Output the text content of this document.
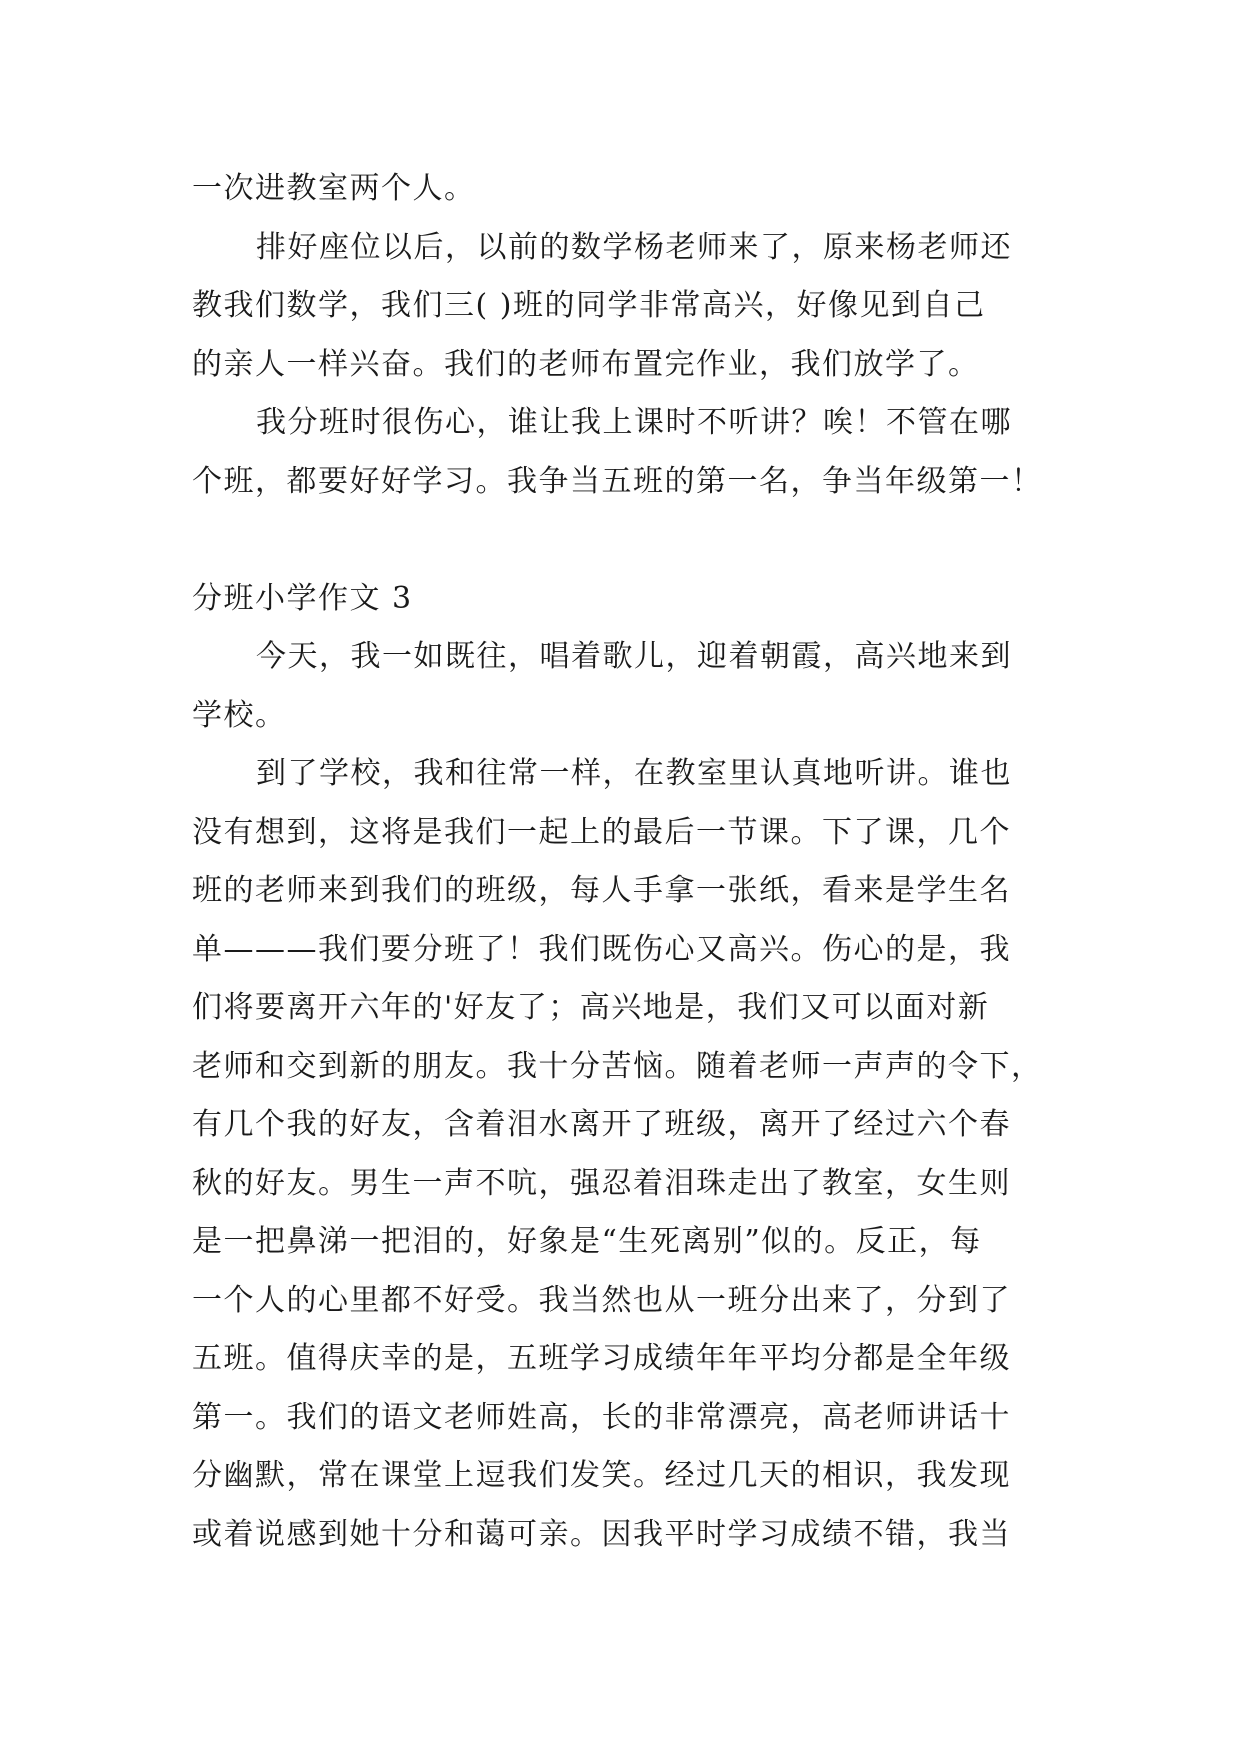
一次进教室两个人。
排好座位以后，以前的数学杨老师来了，原来杨老师还
教我们数学，我们三( )班的同学非常高兴，好像见到自己
的亲人一样兴奋。我们的老师布置完作业，我们放学了。
我分班时很伤心，谁让我上课时不听讲？唉！不管在哪
个班，都要好好学习。我争当五班的第一名，争当年级第一！
分班小学作文 3
今天，我一如既往，唱着歌儿，迎着朝霞，高兴地来到
学校。
到了学校，我和往常一样，在教室里认真地听讲。谁也
没有想到，这将是我们一起上的最后一节课。下了课，几个
班的老师来到我们的班级，每人手拿一张纸，看来是学生名
单———我们要分班了！我们既伤心又高兴。伤心的是，我
们将要离开六年的'好友了；高兴地是，我们又可以面对新
老师和交到新的朋友。我十分苦恼。随着老师一声声的令下，
有几个我的好友，含着泪水离开了班级，离开了经过六个春
秋的好友。男生一声不吭，强忍着泪珠走出了教室，女生则
是一把鼻涕一把泪的，好象是“生死离别”似的。反正，每
一个人的心里都不好受。我当然也从一班分出来了，分到了
五班。值得庆幸的是，五班学习成绩年年平均分都是全年级
第一。我们的语文老师姓高，长的非常漂亮，高老师讲话十
分幽默，常在课堂上逗我们发笑。经过几天的相识，我发现
或着说感到她十分和蔼可亲。因我平时学习成绩不错，我当
